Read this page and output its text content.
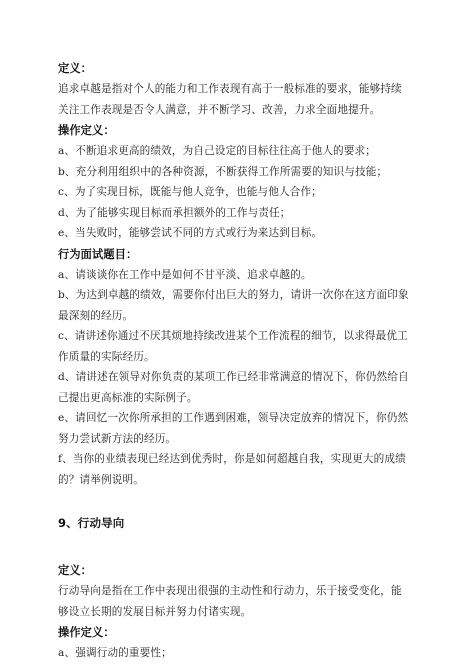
定义：
追求卓越是指对个人的能力和工作表现有高于一般标准的要求，能够持续
关注工作表现是否令人满意，并不断学习、改善，力求全面地提升。
操作定义：
a、不断追求更高的绩效，为自己设定的目标往往高于他人的要求；
b、充分利用组织中的各种资源，不断获得工作所需要的知识与技能；
c、为了实现目标，既能与他人竞争，也能与他人合作；
d、为了能够实现目标而承担额外的工作与责任；
e、当失败时，能够尝试不同的方式或行为来达到目标。
行为面试题目：
a、请谈谈你在工作中是如何不甘平淡、追求卓越的。
b、为达到卓越的绩效，需要你付出巨大的努力，请讲一次你在这方面印象
最深刻的经历。
c、请讲述你通过不厌其烦地持续改进某个工作流程的细节，以求得最优工
作质量的实际经历。
d、请讲述在领导对你负责的某项工作已经非常满意的情况下，你仍然给自
己提出更高标准的实际例子。
e、请回忆一次你所承担的工作遇到困难，领导决定放弃的情况下，你仍然
努力尝试新方法的经历。
f、当你的业绩表现已经达到优秀时，你是如何超越自我，实现更大的成绩
的？请举例说明。
9、行动导向
定义：
行动导向是指在工作中表现出很强的主动性和行动力，乐于接受变化，能
够设立长期的发展目标并努力付诸实现。
操作定义：
a、强调行动的重要性；
